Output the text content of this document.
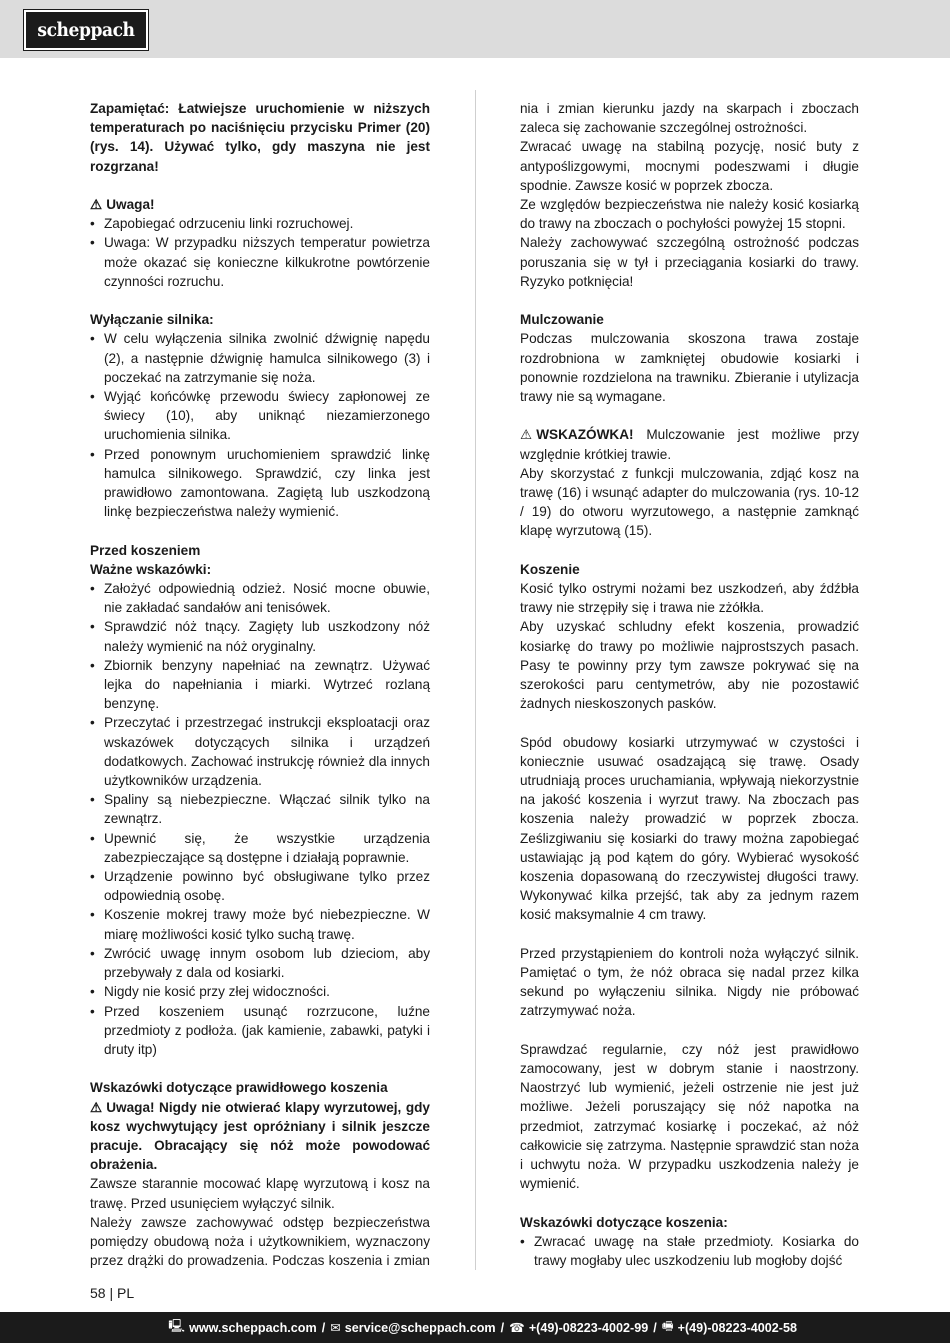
scheppach

Zapamiętać: Łatwiejsze uruchomienie w niższych temperaturach po naciśnięciu przycisku Primer (20) (rys. 14). Używać tylko, gdy maszyna nie jest rozgrzana!

⚠ Uwaga!

• Zapobiegać odrzuceniu linki rozruchowej.
• Uwaga: W przypadku niższych temperatur powietrza może okazać się konieczne kilkukrotne powtórzenie czynności rozruchu.

Wyłączanie silnika:

• W celu wyłączenia silnika zwolnić dźwignię napędu (2), a następnie dźwignię hamulca silnikowego (3) i poczekać na zatrzymanie się noża.
• Wyjąć końcówkę przewodu świecy zapłonowej ze świecy (10), aby uniknąć niezamierzonego uruchomienia silnika.
• Przed ponownym uruchomieniem sprawdzić linkę hamulca silnikowego. Sprawdzić, czy linka jest prawidłowo zamontowana. Zagiętą lub uszkodzoną linkę bezpieczeństwa należy wymienić.

Przed koszeniem

Ważne wskazówki:

• Założyć odpowiednią odzież. Nosić mocne obuwie, nie zakładać sandałów ani tenisówek.
• Sprawdzić nóż tnący. Zagięty lub uszkodzony nóż należy wymienić na nóż oryginalny.
• Zbiornik benzyny napełniać na zewnątrz. Używać lejka do napełniania i miarki. Wytrzeć rozlaną benzynę.
• Przeczytać i przestrzegać instrukcji eksploatacji oraz wskazówek dotyczących silnika i urządzeń dodatkowych. Zachować instrukcję również dla innych użytkowników urządzenia.
• Spaliny są niebezpieczne. Włączać silnik tylko na zewnątrz.
• Upewnić się, że wszystkie urządzenia zabezpieczające są dostępne i działają poprawnie.
• Urządzenie powinno być obsługiwane tylko przez odpowiednią osobę.
• Koszenie mokrej trawy może być niebezpieczne. W miarę możliwości kosić tylko suchą trawę.
• Zwrócić uwagę innym osobom lub dzieciom, aby przebywały z dala od kosiarki.
• Nigdy nie kosić przy złej widoczności.
• Przed koszeniem usunąć rozrzucone, luźne przedmioty z podłoża. (jak kamienie, zabawki, patyki i druty itp)

Wskazówki dotyczące prawidłowego koszenia

⚠ Uwaga! Nigdy nie otwierać klapy wyrzutowej, gdy kosz wychwytujący jest opróżniany i silnik jeszcze pracuje. Obracający się nóż może powodować obrażenia.

Zawsze starannie mocować klapę wyrzutową i kosz na trawę. Przed usunięciem wyłączyć silnik.

Należy zawsze zachowywać odstęp bezpieczeństwa pomiędzy obudową noża i użytkownikiem, wyznaczony przez drążki do prowadzenia. Podczas koszenia i zmian

nia i zmian kierunku jazdy na skarpach i zboczach zaleca się zachowanie szczególnej ostrożności.

Zwracać uwagę na stabilną pozycję, nosić buty z antypoślizgowymi, mocnymi podeszwami i długie spodnie. Zawsze kosić w poprzek zbocza.

Ze względów bezpieczeństwa nie należy kosić kosiarką do trawy na zboczach o pochyłości powyżej 15 stopni.

Należy zachowywać szczególną ostrożność podczas poruszania się w tył i przeciągania kosiarki do trawy. Ryzyko potknięcia!

Mulczowanie

Podczas mulczowania skoszona trawa zostaje rozdrobniona w zamkniętej obudowie kosiarki i ponownie rozdzielona na trawniku. Zbieranie i utylizacja trawy nie są wymagane.

⚠ WSKAZÓWKA! Mulczowanie jest możliwe przy względnie krótkiej trawie.

Aby skorzystać z funkcji mulczowania, zdjąć kosz na trawę (16) i wsunąć adapter do mulczowania (rys. 10-12 / 19) do otworu wyrzutowego, a następnie zamknąć klapę wyrzutową (15).

Koszenie

Kosić tylko ostrymi nożami bez uszkodzeń, aby źdźbła trawy nie strzępiły się i trawa nie zżółkła.

Aby uzyskać schludny efekt koszenia, prowadzić kosiarkę do trawy po możliwie najprostszych pasach. Pasy te powinny przy tym zawsze pokrywać się na szerokości paru centymetrów, aby nie pozostawić żadnych nieskoszonych pasków.

Spód obudowy kosiarki utrzymywać w czystości i koniecznie usuwać osadzającą się trawę. Osady utrudniają proces uruchamiania, wpływają niekorzystnie na jakość koszenia i wyrzut trawy. Na zboczach pas koszenia należy prowadzić w poprzek zbocza. Ześlizgiwaniu się kosiarki do trawy można zapobiegać ustawiając ją pod kątem do góry. Wybierać wysokość koszenia dopasowaną do rzeczywistej długości trawy. Wykonywać kilka przejść, tak aby za jednym razem kosić maksymalnie 4 cm trawy.

Przed przystąpieniem do kontroli noża wyłączyć silnik. Pamiętać o tym, że nóż obraca się nadal przez kilka sekund po wyłączeniu silnika. Nigdy nie próbować zatrzymywać noża.

Sprawdzać regularnie, czy nóż jest prawidłowo zamocowany, jest w dobrym stanie i naostrzony. Naostrzyć lub wymienić, jeżeli ostrzenie nie jest już możliwe. Jeżeli poruszający się nóż napotka na przedmiot, zatrzymać kosiarkę i poczekać, aż nóż całkowicie się zatrzyma. Następnie sprawdzić stan noża i uchwytu noża. W przypadku uszkodzenia należy je wymienić.

Wskazówki dotyczące koszenia:

• Zwracać uwagę na stałe przedmioty. Kosiarka do trawy mogłaby ulec uszkodzeniu lub mogłoby dojść
58 | PL
🖳 www.scheppach.com / ✉ service@scheppach.com / ☎ +(49)-08223-4002-99 / 🖷 +(49)-08223-4002-58
